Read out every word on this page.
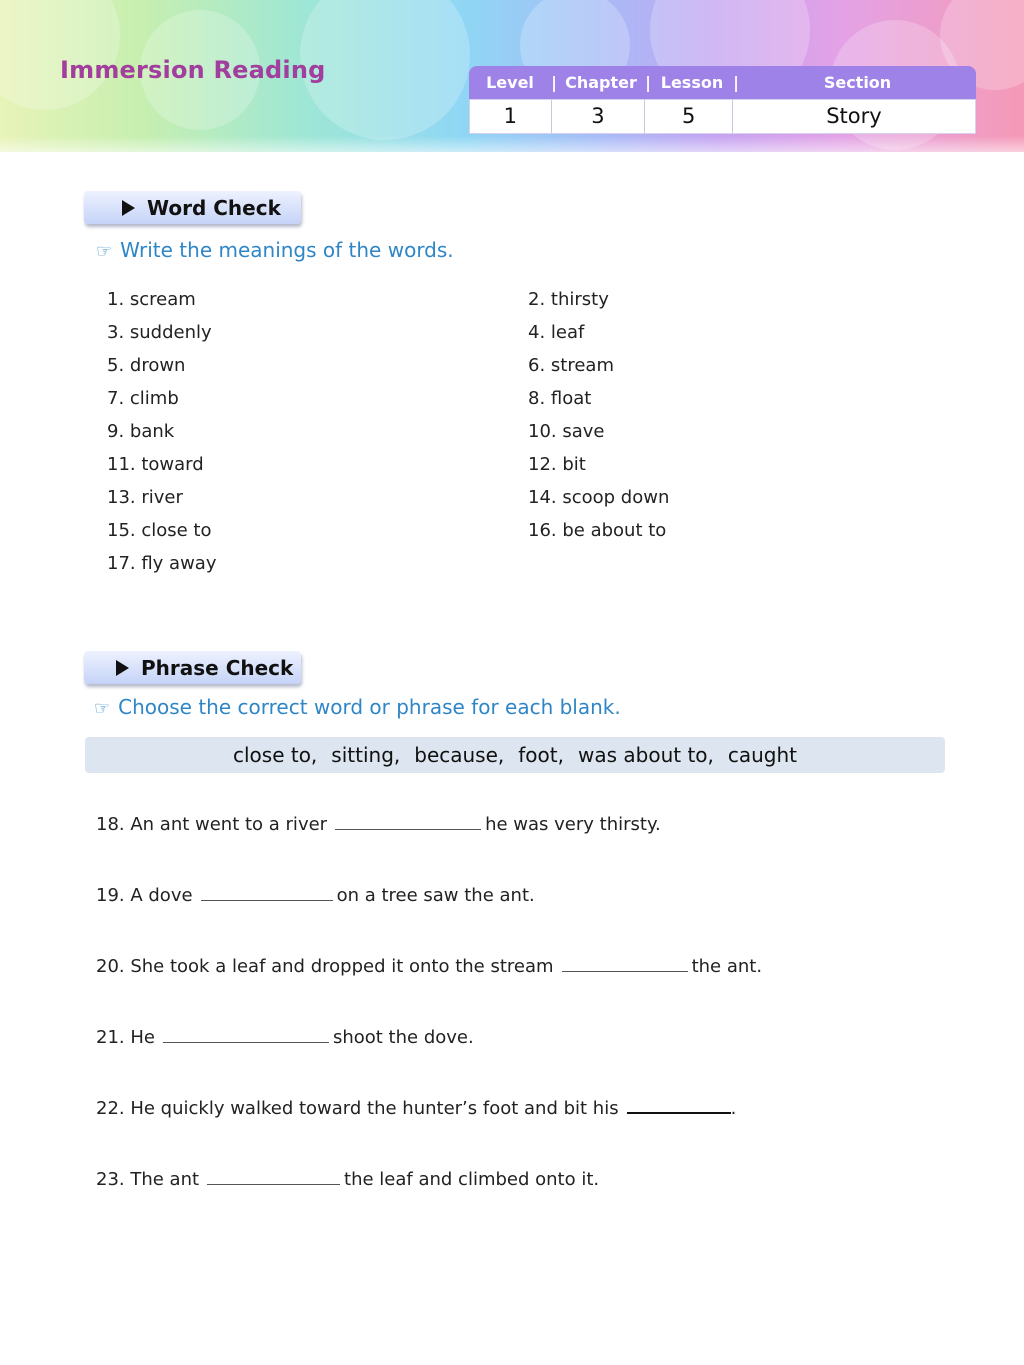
Immersion Reading	Level	| Chapter | Lesson |	Section
1	3	5	Story
Word Check
☞ Write the meanings of the words.
1. scream	2. thirsty
3. suddenly	4. leaf
5. drown	6. stream
7. climb	8. float
9. bank	10. save
11. toward	12. bit
13. river	14. scoop down
15. close to	16. be about to
17. fly away
Phrase Check
☞ Choose the correct word or phrase for each blank.
close to, sitting, because, foot, was about to, caught
18. An ant went to a river	he was very thirsty.
19. A dove	on a tree saw the ant.
20. She took a leaf and dropped it onto the stream	the ant.
21. He	shoot the dove.
22. He quickly walked toward the hunter’s foot and bit his	.
23. The ant	the leaf and climbed onto it.
